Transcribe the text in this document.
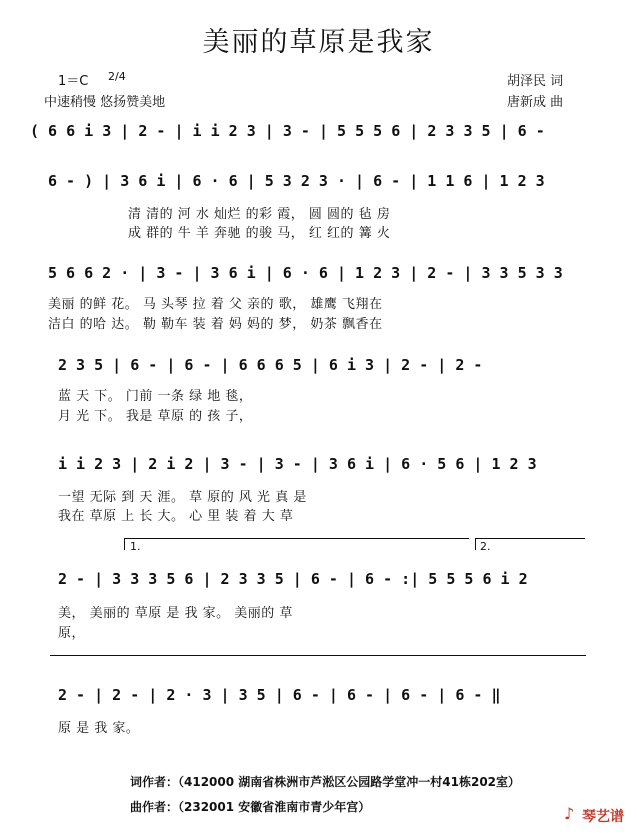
美丽的草原是我家
1＝C 2/4
中速稍慢 悠扬赞美地
胡泽民 词
唐新成 曲
( 6 6 i 3 | 2 - | i i 2 3 | 3 - | 5 5 5 6 | 2 3 3 5 | 6 -
6 - ) | 3 6 i | 6 · 6 | 5 3 2 3 · | 6 - | 1 1 6 | 1 2 3
清 清的 河 水 灿烂 的彩 霞， 圆 圆的 毡 房
成 群的 牛 羊 奔驰 的骏 马， 红 红的 篝 火
5 6 6 2 · | 3 - | 3 6 i | 6 · 6 | 1 2 3 | 2 - | 3 3 5 3 3
美丽 的鲜 花。 马 头琴 拉 着 父 亲的 歌， 雄鹰 飞翔在
洁白 的哈 达。 勒 勒车 装 着 妈 妈的 梦， 奶茶 飘香在
2 3 5 | 6 - | 6 - | 6 6 6 5 | 6 i 3 | 2 - | 2 -
蓝 天 下。 门前 一条 绿 地 毯，
月 光 下。 我是 草原 的 孩 子，
i i 2 3 | 2 i 2 | 3 - | 3 - | 3 6 i | 6 · 5 6 | 1 2 3
一望 无际 到 天 涯。 草 原的 风 光 真 是
我在 草原 上 长 大。 心 里 装 着 大 草
1.	2.
2 - | 3 3 3 5 6 | 2 3 3 5 | 6 - | 6 - :| 5 5 5 6 i 2
美， 美丽的 草原 是 我 家。 美丽的 草
原，
2 - | 2 - | 2 · 3 | 3 5 | 6 - | 6 - | 6 - | 6 - ‖
原 是 我 家。
词作者：（412000 湖南省株洲市芦淞区公园路学堂冲一村41栋202室）
曲作者：（232001 安徽省淮南市青少年宫）	♪ 琴艺谱
